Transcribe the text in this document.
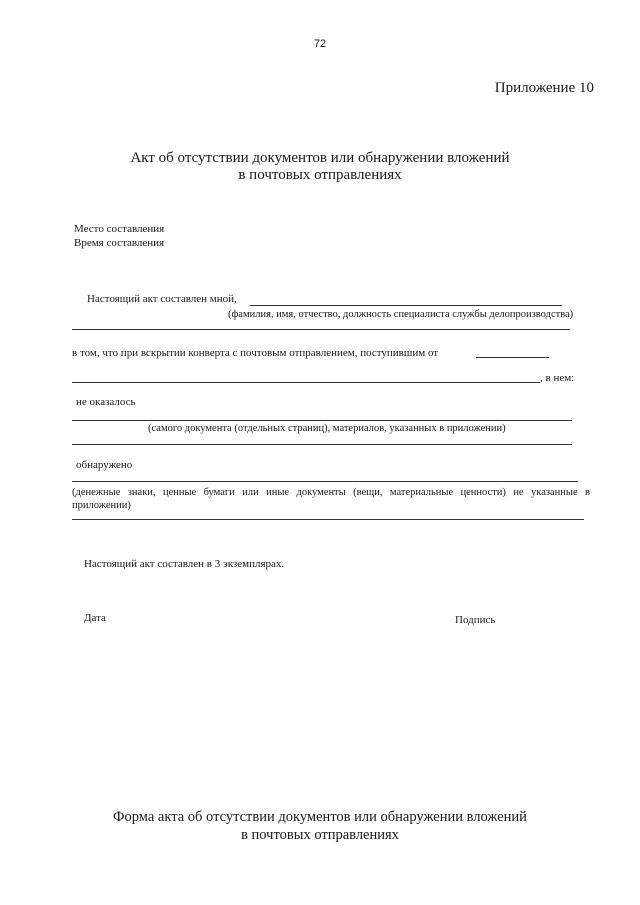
72
Приложение 10
Акт об отсутствии документов или обнаружении вложений
в почтовых отправлениях
Место составления
Время составления
Настоящий акт составлен мной,
(фамилия, имя, отчество, должность специалиста службы делопроизводства)
в том, что при вскрытии конверта с почтовым отправлением, поступившим от
, в нем:
не оказалось
(самого документа (отдельных страниц), материалов, указанных в приложении)
обнаружено
(денежные знаки, ценные бумаги или иные документы (вещи, материальные ценности) не указанные в приложении)
Настоящий акт составлен в 3 экземплярах.
Дата	Подпись
Форма акта об отсутствии документов или обнаружении вложений
в почтовых отправлениях
